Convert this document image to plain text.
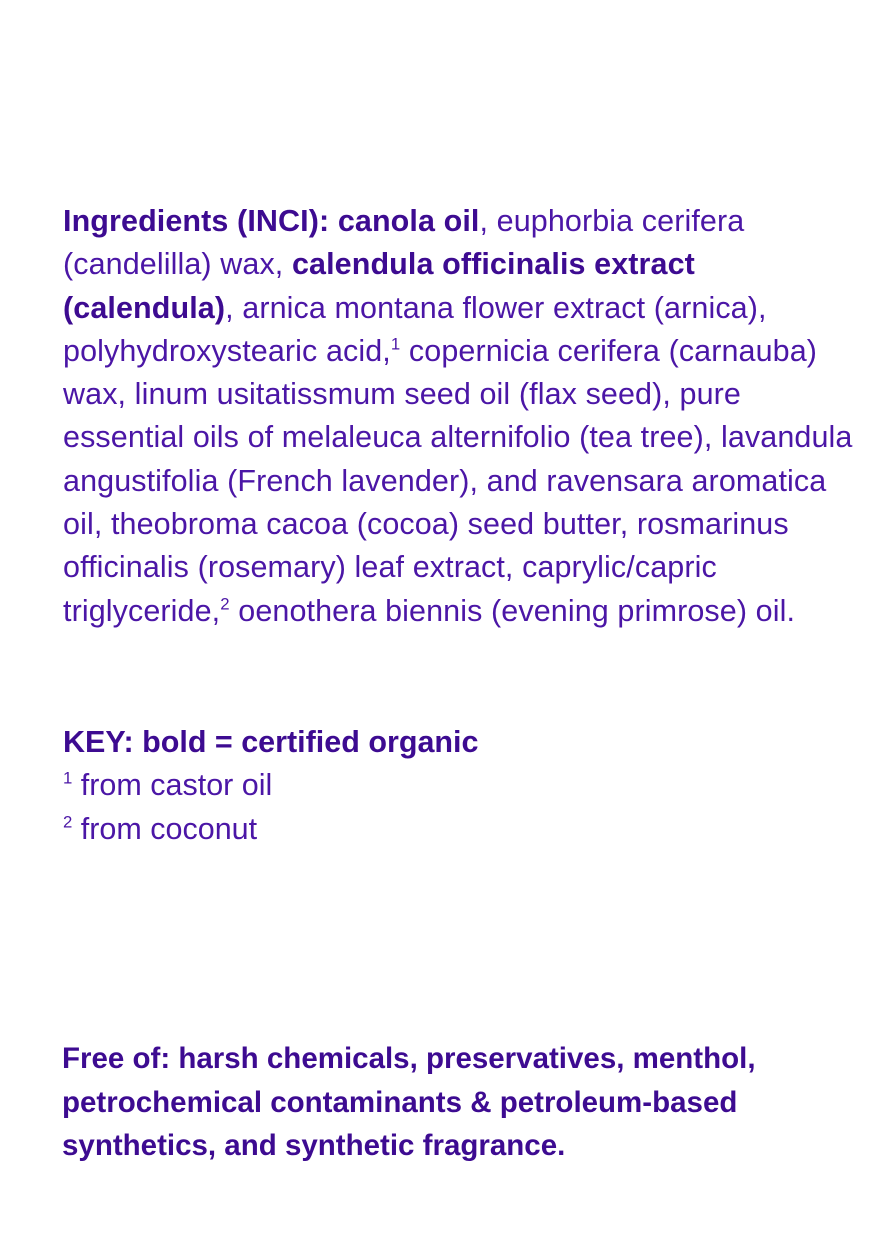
Ingredients (INCI): canola oil, euphorbia cerifera (candelilla) wax, calendula officinalis extract (calendula), arnica montana flower extract (arnica), polyhydroxystearic acid,$^1$ copernicia cerifera (carnauba) wax, linum usitatissmum seed oil (flax seed), pure essential oils of melaleuca alternifolio (tea tree), lavandula angustifolia (French lavender), and ravensara aromatica oil, theobroma cacoa (cocoa) seed butter, rosmarinus officinalis (rosemary) leaf extract, caprylic/capric triglyceride,$^2$ oenothera biennis (evening primrose) oil.
KEY: bold = certified organic
$^1$ from castor oil
$^2$ from coconut
Free of: harsh chemicals, preservatives, menthol, petrochemical contaminants & petroleum-based synthetics, and synthetic fragrance.
